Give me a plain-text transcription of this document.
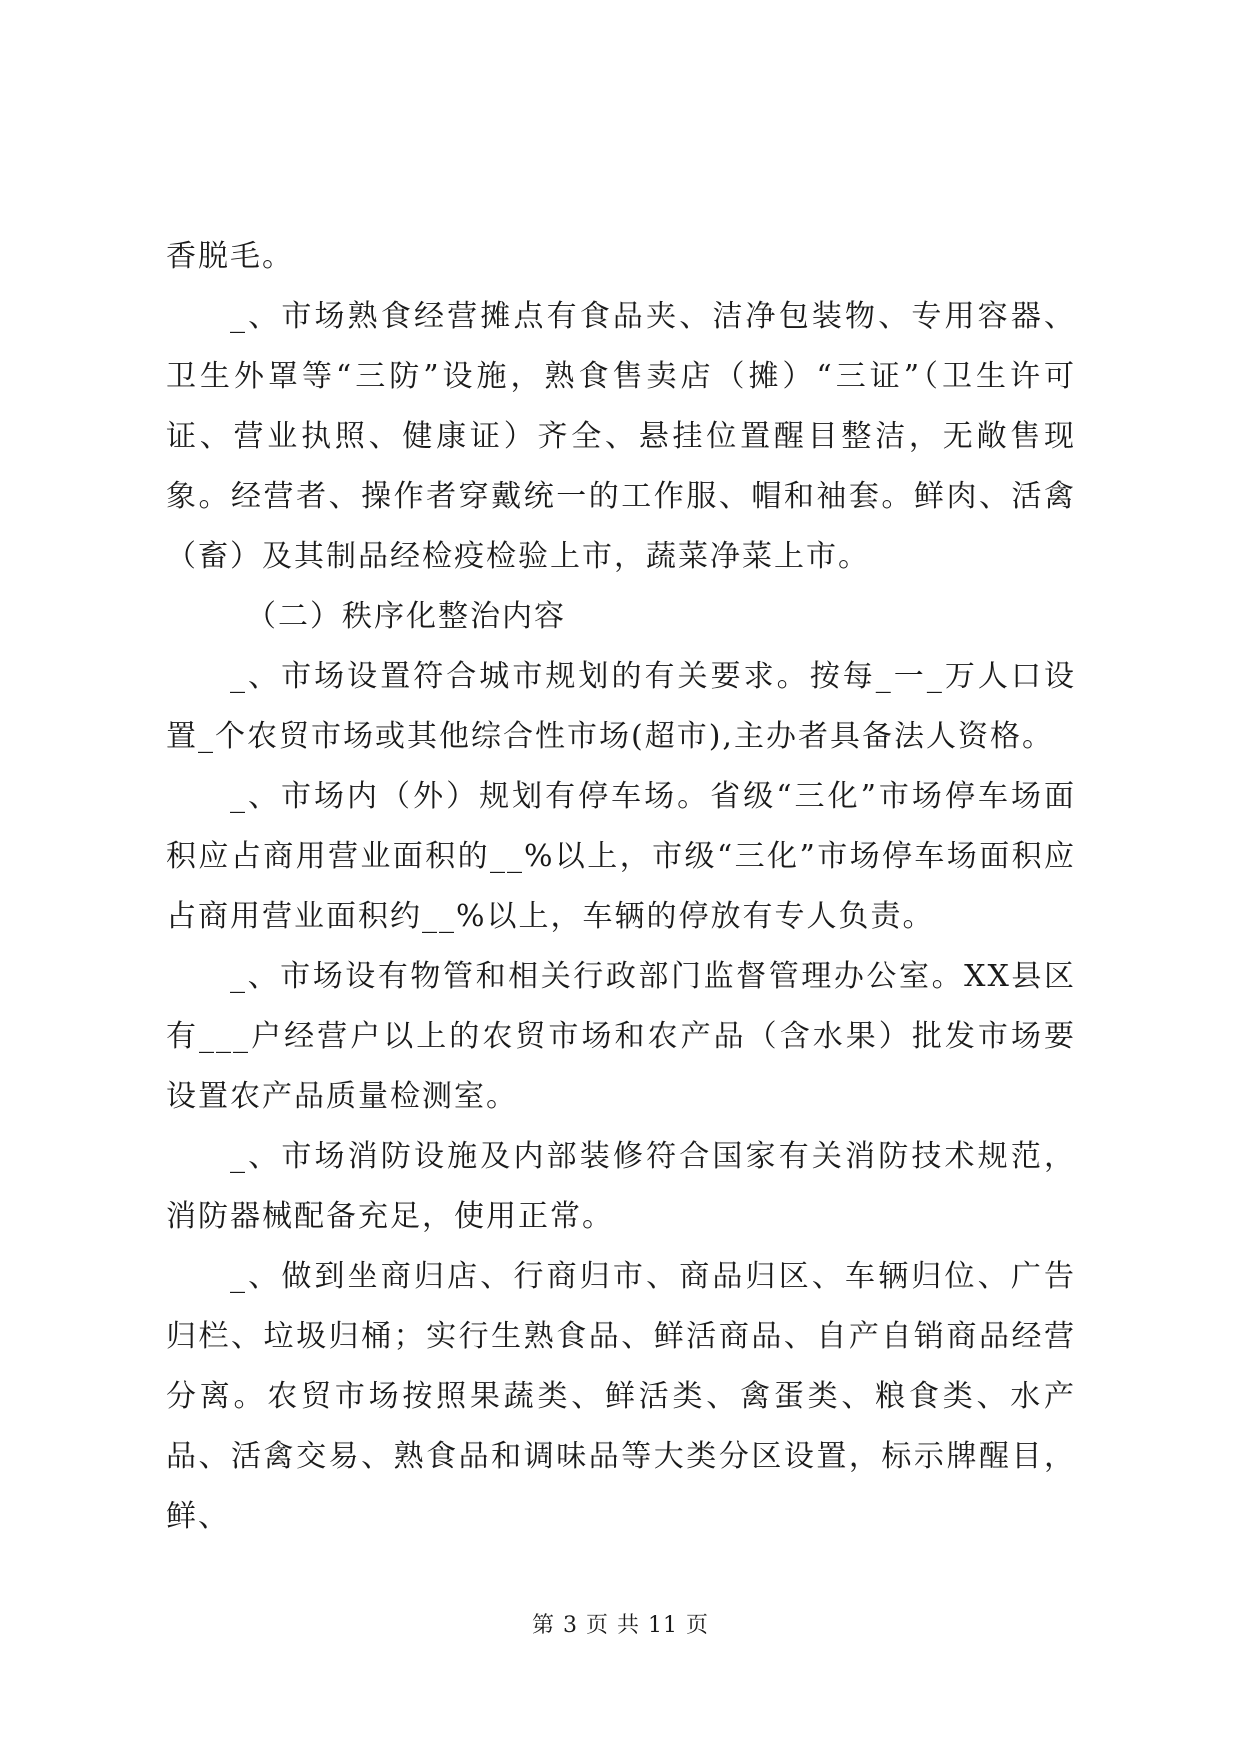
香脱毛。

_、市场熟食经营摊点有食品夹、洁净包装物、专用容器、卫生外罩等“三防”设施，熟食售卖店（摊）“三证”（卫生许可证、营业执照、健康证）齐全、悬挂位置醒目整洁，无敞售现象。经营者、操作者穿戴统一的工作服、帽和袖套。鲜肉、活禽（畜）及其制品经检疫检验上市，蔬菜净菜上市。

（二）秩序化整治内容

_、市场设置符合城市规划的有关要求。按每_一_万人口设置_个农贸市场或其他综合性市场(超市),主办者具备法人资格。

_、市场内（外）规划有停车场。省级“三化”市场停车场面积应占商用营业面积的__%以上，市级“三化”市场停车场面积应占商用营业面积约__%以上，车辆的停放有专人负责。

_、市场设有物管和相关行政部门监督管理办公室。XX县区有___户经营户以上的农贸市场和农产品（含水果）批发市场要设置农产品质量检测室。

_、市场消防设施及内部装修符合国家有关消防技术规范，消防器械配备充足，使用正常。

_、做到坐商归店、行商归市、商品归区、车辆归位、广告归栏、垃圾归桶；实行生熟食品、鲜活商品、自产自销商品经营分离。农贸市场按照果蔬类、鲜活类、禽蛋类、粮食类、水产品、活禽交易、熟食品和调味品等大类分区设置，标示牌醒目，鲜、

第 3 页 共 11 页
